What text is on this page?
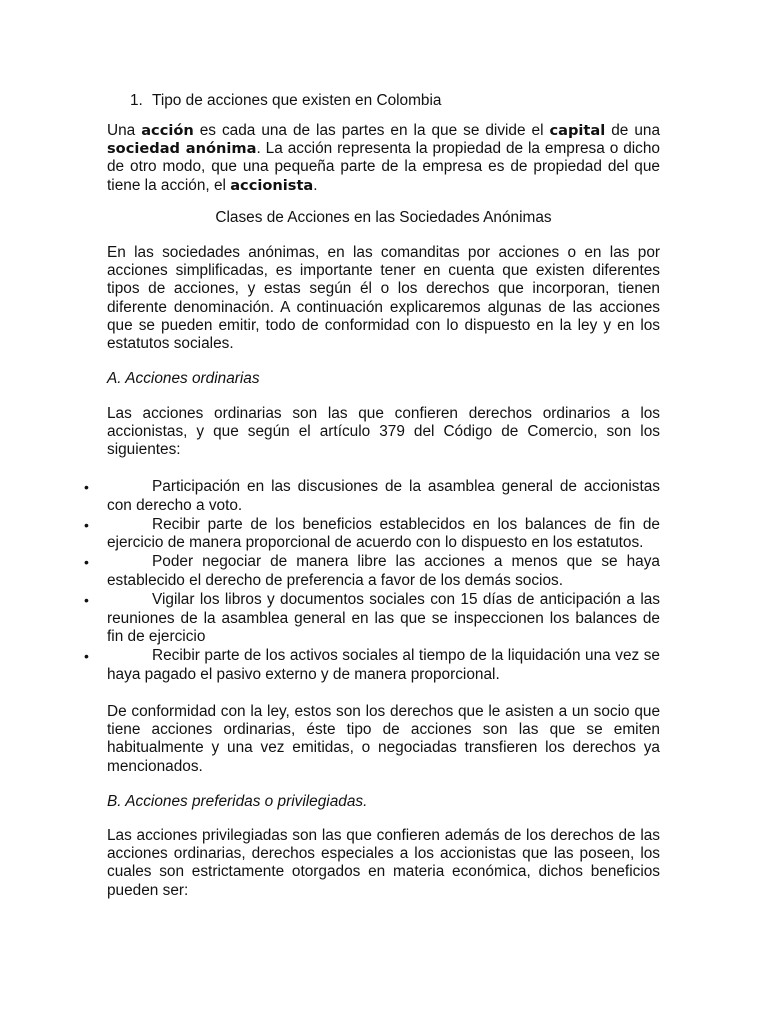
1. Tipo de acciones que existen en Colombia

Una acción es cada una de las partes en la que se divide el capital de una sociedad anónima. La acción representa la propiedad de la empresa o dicho de otro modo, que una pequeña parte de la empresa es de propiedad del que tiene la acción, el accionista.

Clases de Acciones en las Sociedades Anónimas

En las sociedades anónimas, en las comanditas por acciones o en las por acciones simplificadas, es importante tener en cuenta que existen diferentes tipos de acciones, y estas según él o los derechos que incorporan, tienen diferente denominación. A continuación explicaremos algunas de las acciones que se pueden emitir, todo de conformidad con lo dispuesto en la ley y en los estatutos sociales.

A. Acciones ordinarias

Las acciones ordinarias son las que confieren derechos ordinarios a los accionistas, y que según el artículo 379 del Código de Comercio, son los siguientes:

•	Participación en las discusiones de la asamblea general de accionistas con derecho a voto.
•	Recibir parte de los beneficios establecidos en los balances de fin de ejercicio de manera proporcional de acuerdo con lo dispuesto en los estatutos.
•	Poder negociar de manera libre las acciones a menos que se haya establecido el derecho de preferencia a favor de los demás socios.
•	Vigilar los libros y documentos sociales con 15 días de anticipación a las reuniones de la asamblea general en las que se inspeccionen los balances de fin de ejercicio
•	Recibir parte de los activos sociales al tiempo de la liquidación una vez se haya pagado el pasivo externo y de manera proporcional.

De conformidad con la ley, estos son los derechos que le asisten a un socio que tiene acciones ordinarias, éste tipo de acciones son las que se emiten habitualmente y una vez emitidas, o negociadas transfieren los derechos ya mencionados.

B. Acciones preferidas o privilegiadas.

Las acciones privilegiadas son las que confieren además de los derechos de las acciones ordinarias, derechos especiales a los accionistas que las poseen, los cuales son estrictamente otorgados en materia económica, dichos beneficios pueden ser:
